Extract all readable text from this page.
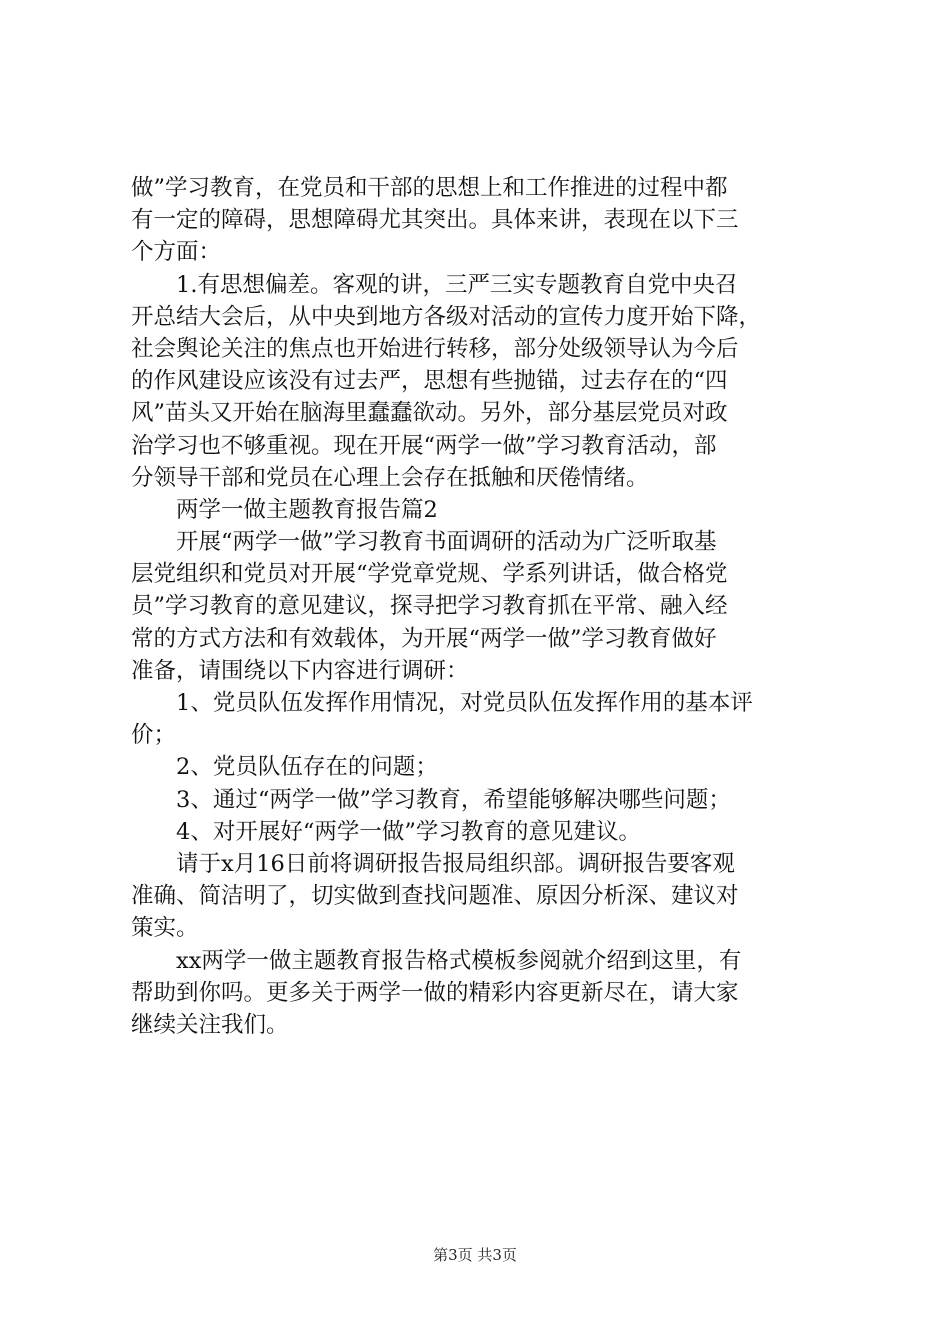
做”学习教育，在党员和干部的思想上和工作推进的过程中都
有一定的障碍，思想障碍尤其突出。具体来讲，表现在以下三
个方面：
　　1.有思想偏差。客观的讲，三严三实专题教育自党中央召
开总结大会后，从中央到地方各级对活动的宣传力度开始下降，
社会舆论关注的焦点也开始进行转移，部分处级领导认为今后
的作风建设应该没有过去严，思想有些抛锚，过去存在的“四
风”苗头又开始在脑海里蠢蠢欲动。另外，部分基层党员对政
治学习也不够重视。现在开展“两学一做”学习教育活动，部
分领导干部和党员在心理上会存在抵触和厌倦情绪。
　　两学一做主题教育报告篇2
　　开展“两学一做”学习教育书面调研的活动为广泛听取基
层党组织和党员对开展“学党章党规、学系列讲话，做合格党
员”学习教育的意见建议，探寻把学习教育抓在平常、融入经
常的方式方法和有效载体，为开展“两学一做”学习教育做好
准备，请围绕以下内容进行调研：
　　1、党员队伍发挥作用情况，对党员队伍发挥作用的基本评
价；
　　2、党员队伍存在的问题；
　　3、通过“两学一做”学习教育，希望能够解决哪些问题；
　　4、对开展好“两学一做”学习教育的意见建议。
　　请于x月16日前将调研报告报局组织部。调研报告要客观
准确、简洁明了，切实做到查找问题准、原因分析深、建议对
策实。
　　xx两学一做主题教育报告格式模板参阅就介绍到这里，有
帮助到你吗。更多关于两学一做的精彩内容更新尽在，请大家
继续关注我们。
第3页 共3页
